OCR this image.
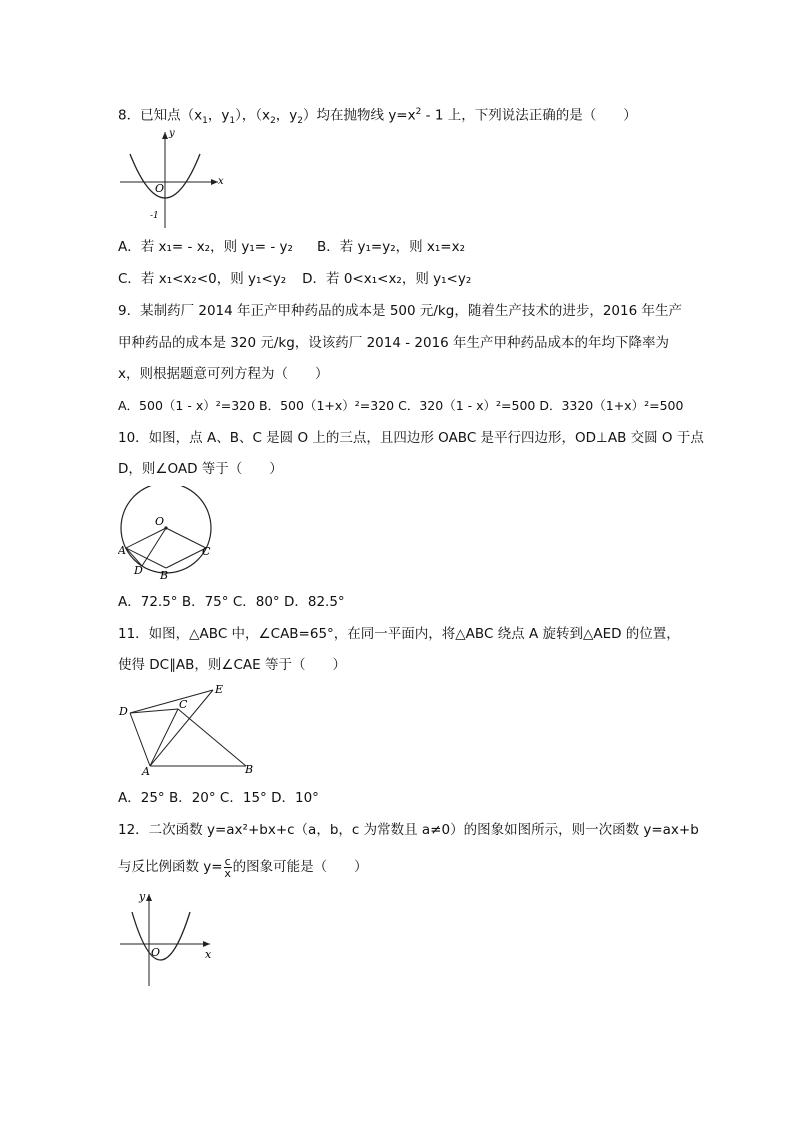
8．已知点（$x_1$，$y_1$），（$x_2$，$y_2$）均在抛物线 $y=x^2 - 1$ 上，下列说法正确的是（　　）
y
x
O
-1
A．若 x₁= - x₂，则 y₁= - y₂ B．若 y₁=y₂，则 x₁=x₂
C．若 x₁<x₂<0，则 y₁<y₂ D．若 0<x₁<x₂，则 y₁<y₂
9．某制药厂 2014 年正产甲种药品的成本是 500 元/kg，随着生产技术的进步，2016 年生产
甲种药品的成本是 320 元/kg，设该药厂 2014 - 2016 年生产甲种药品成本的年均下降率为
x，则根据题意可列方程为（　　）
A．500（1 - x）²=320 B．500（1+x）²=320 C．320（1 - x）²=500 D．3320（1+x）²=500
10．如图，点 A、B、C 是圆 O 上的三点，且四边形 OABC 是平行四边形，OD⊥AB 交圆 O 于点
D，则∠OAD 等于（　　）
O
A
D B
C
A．72.5° B．75° C．80° D．82.5°
11．如图，△ABC 中，∠CAB=65°，在同一平面内，将△ABC 绕点 A 旋转到△AED 的位置，
使得 DC∥AB，则∠CAE 等于（　　）
D
E
C
A	B
A．25° B．20° C．15° D．10°
12．二次函数 y=ax²+bx+c（a，b，c 为常数且 a≠0）的图象如图所示，则一次函数 y=ax+b
与反比例函数 $y= \frac{c}{x}$ 的图象可能是（　　）
y
x
O
